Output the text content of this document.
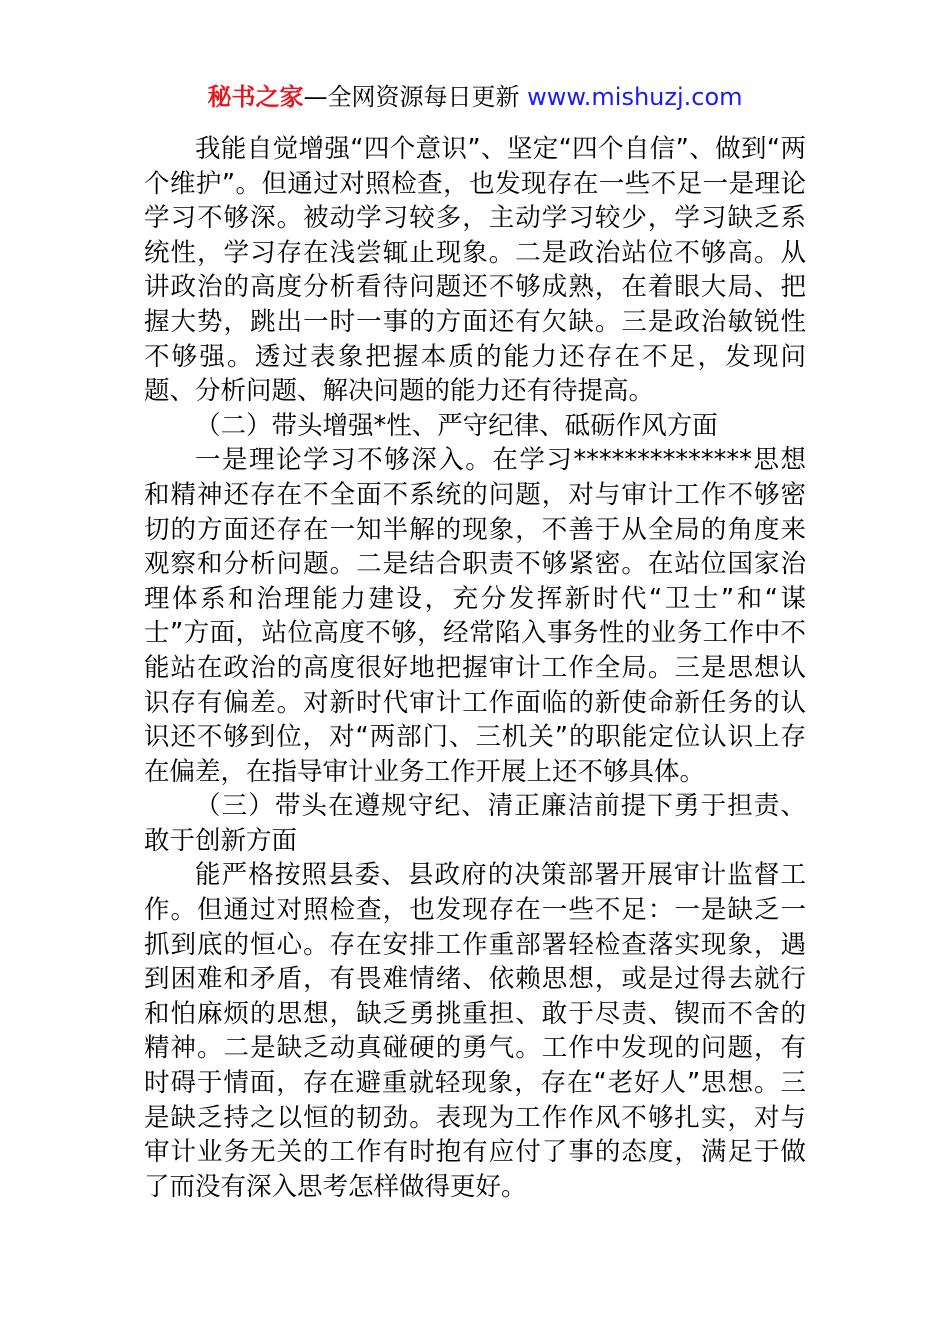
秘书之家—全网资源每日更新 www.mishuzj.com

我能自觉增强“四个意识”、坚定“四个自信”、做到“两个维护”。但通过对照检查，也发现存在一些不足一是理论学习不够深。被动学习较多，主动学习较少，学习缺乏系统性，学习存在浅尝辄止现象。二是政治站位不够高。从讲政治的高度分析看待问题还不够成熟，在着眼大局、把握大势，跳出一时一事的方面还有欠缺。三是政治敏锐性不够强。透过表象把握本质的能力还存在不足，发现问题、分析问题、解决问题的能力还有待提高。

（二）带头增强*性、严守纪律、砥砺作风方面

一是理论学习不够深入。在学习**************思想和精神还存在不全面不系统的问题，对与审计工作不够密切的方面还存在一知半解的现象，不善于从全局的角度来观察和分析问题。二是结合职责不够紧密。在站位国家治理体系和治理能力建设，充分发挥新时代“卫士”和“谋士”方面，站位高度不够，经常陷入事务性的业务工作中不能站在政治的高度很好地把握审计工作全局。三是思想认识存有偏差。对新时代审计工作面临的新使命新任务的认识还不够到位，对“两部门、三机关”的职能定位认识上存在偏差，在指导审计业务工作开展上还不够具体。

（三）带头在遵规守纪、清正廉洁前提下勇于担责、敢于创新方面

能严格按照县委、县政府的决策部署开展审计监督工作。但通过对照检查，也发现存在一些不足：一是缺乏一抓到底的恒心。存在安排工作重部署轻检查落实现象，遇到困难和矛盾，有畏难情绪、依赖思想，或是过得去就行和怕麻烦的思想，缺乏勇挑重担、敢于尽责、锲而不舍的精神。二是缺乏动真碰硬的勇气。工作中发现的问题，有时碍于情面，存在避重就轻现象，存在“老好人”思想。三是缺乏持之以恒的韧劲。表现为工作作风不够扎实，对与审计业务无关的工作有时抱有应付了事的态度，满足于做了而没有深入思考怎样做得更好。
